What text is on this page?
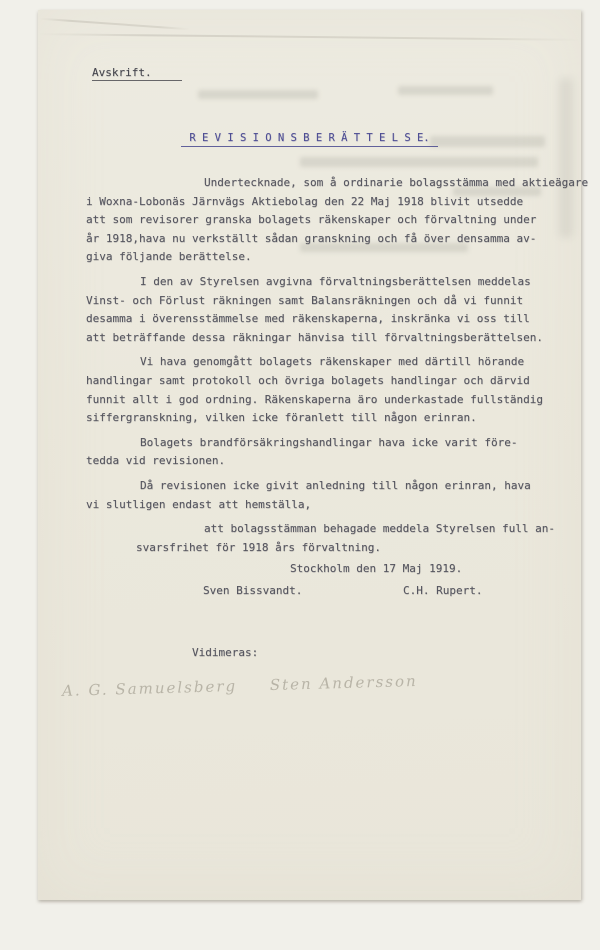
Avskrift.
R E V I S I O N S B E R Ä T T E L S E.
Undertecknade, som å ordinarie bolagsstämma med aktieägare
i Woxna-Lobonäs Järnvägs Aktiebolag den 22 Maj 1918 blivit utsedde
att som revisorer granska bolagets räkenskaper och förvaltning under
år 1918,hava nu verkställt sådan granskning och få över densamma av-
giva följande berättelse.
I den av Styrelsen avgivna förvaltningsberättelsen meddelas
Vinst- och Förlust räkningen samt Balansräkningen och då vi funnit
desamma i överensstämmelse med räkenskaperna, inskränka vi oss till
att beträffande dessa räkningar hänvisa till förvaltningsberättelsen.
Vi hava genomgått bolagets räkenskaper med därtill hörande
handlingar samt protokoll och övriga bolagets handlingar och därvid
funnit allt i god ordning. Räkenskaperna äro underkastade fullständig
siffergranskning, vilken icke föranlett till någon erinran.
Bolagets brandförsäkringshandlingar hava icke varit före-
tedda vid revisionen.
Då revisionen icke givit anledning till någon erinran, hava
vi slutligen endast att hemställa,
att bolagsstämman behagade meddela Styrelsen full an-
svarsfrihet för 1918 års förvaltning.
Stockholm den 17 Maj 1919.
Sven Bissvandt.	C.H. Rupert.
Vidimeras:
A. G. Samuelsberg Sten Andersson
